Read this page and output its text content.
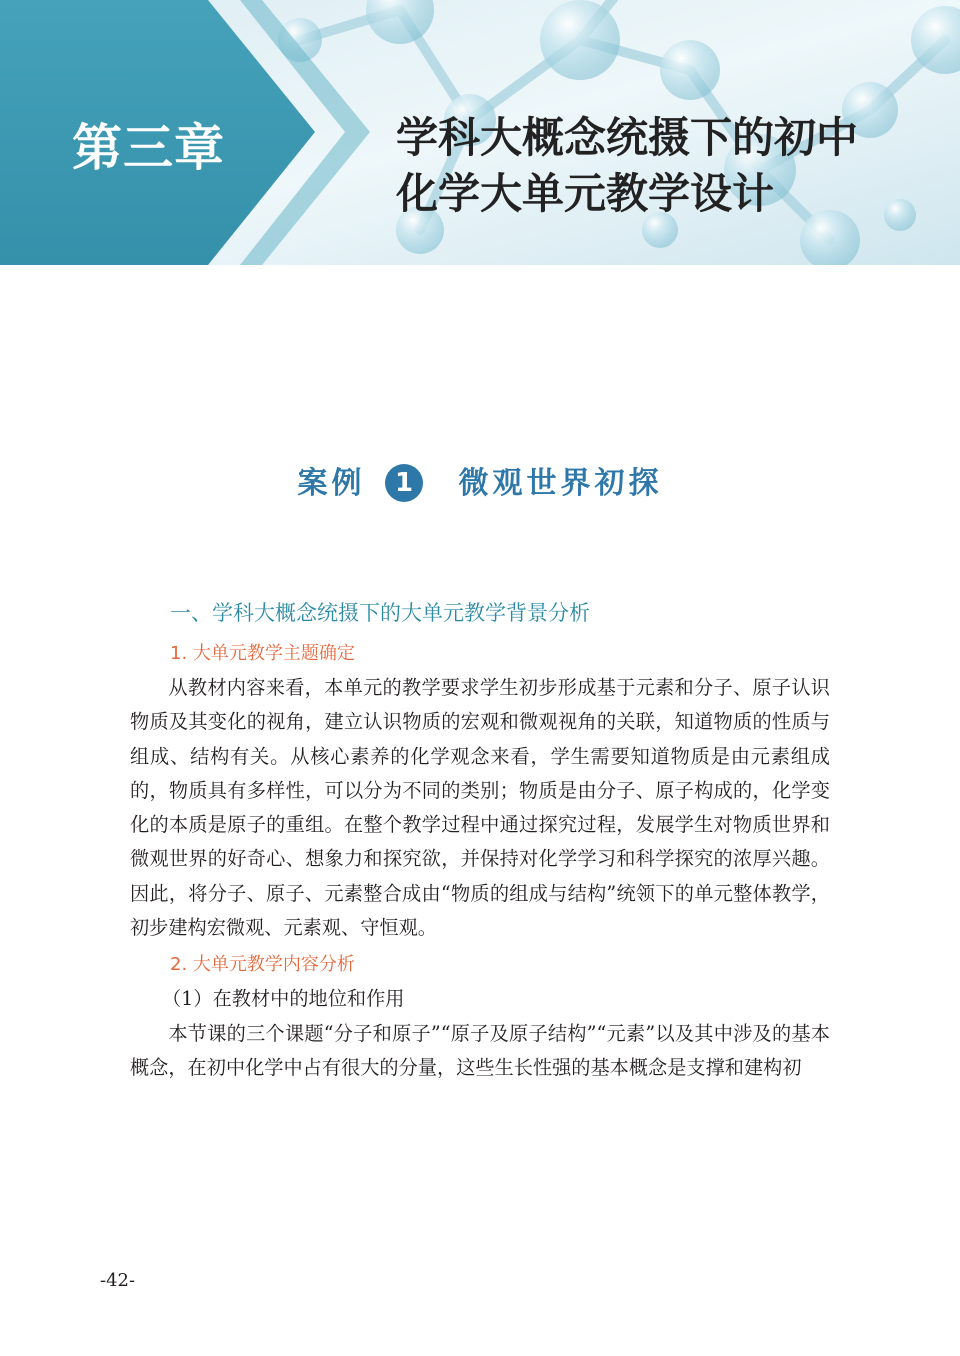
第三章	学科大概念统摄下的初中
化学大单元教学设计
案例 1 微观世界初探
一、学科大概念统摄下的大单元教学背景分析
1. 大单元教学主题确定

从教材内容来看，本单元的教学要求学生初步形成基于元素和分子、原子认识物质及其变化的视角，建立认识物质的宏观和微观视角的关联，知道物质的性质与组成、结构有关。从核心素养的化学观念来看，学生需要知道物质是由元素组成的，物质具有多样性，可以分为不同的类别；物质是由分子、原子构成的，化学变化的本质是原子的重组。在整个教学过程中通过探究过程，发展学生对物质世界和微观世界的好奇心、想象力和探究欲，并保持对化学学习和科学探究的浓厚兴趣。因此，将分子、原子、元素整合成由“物质的组成与结构”统领下的单元整体教学，初步建构宏微观、元素观、守恒观。

2. 大单元教学内容分析
（1）在教材中的地位和作用

本节课的三个课题“分子和原子”“原子及原子结构”“元素”以及其中涉及的基本概念，在初中化学中占有很大的分量，这些生长性强的基本概念是支撑和建构初

-42-
